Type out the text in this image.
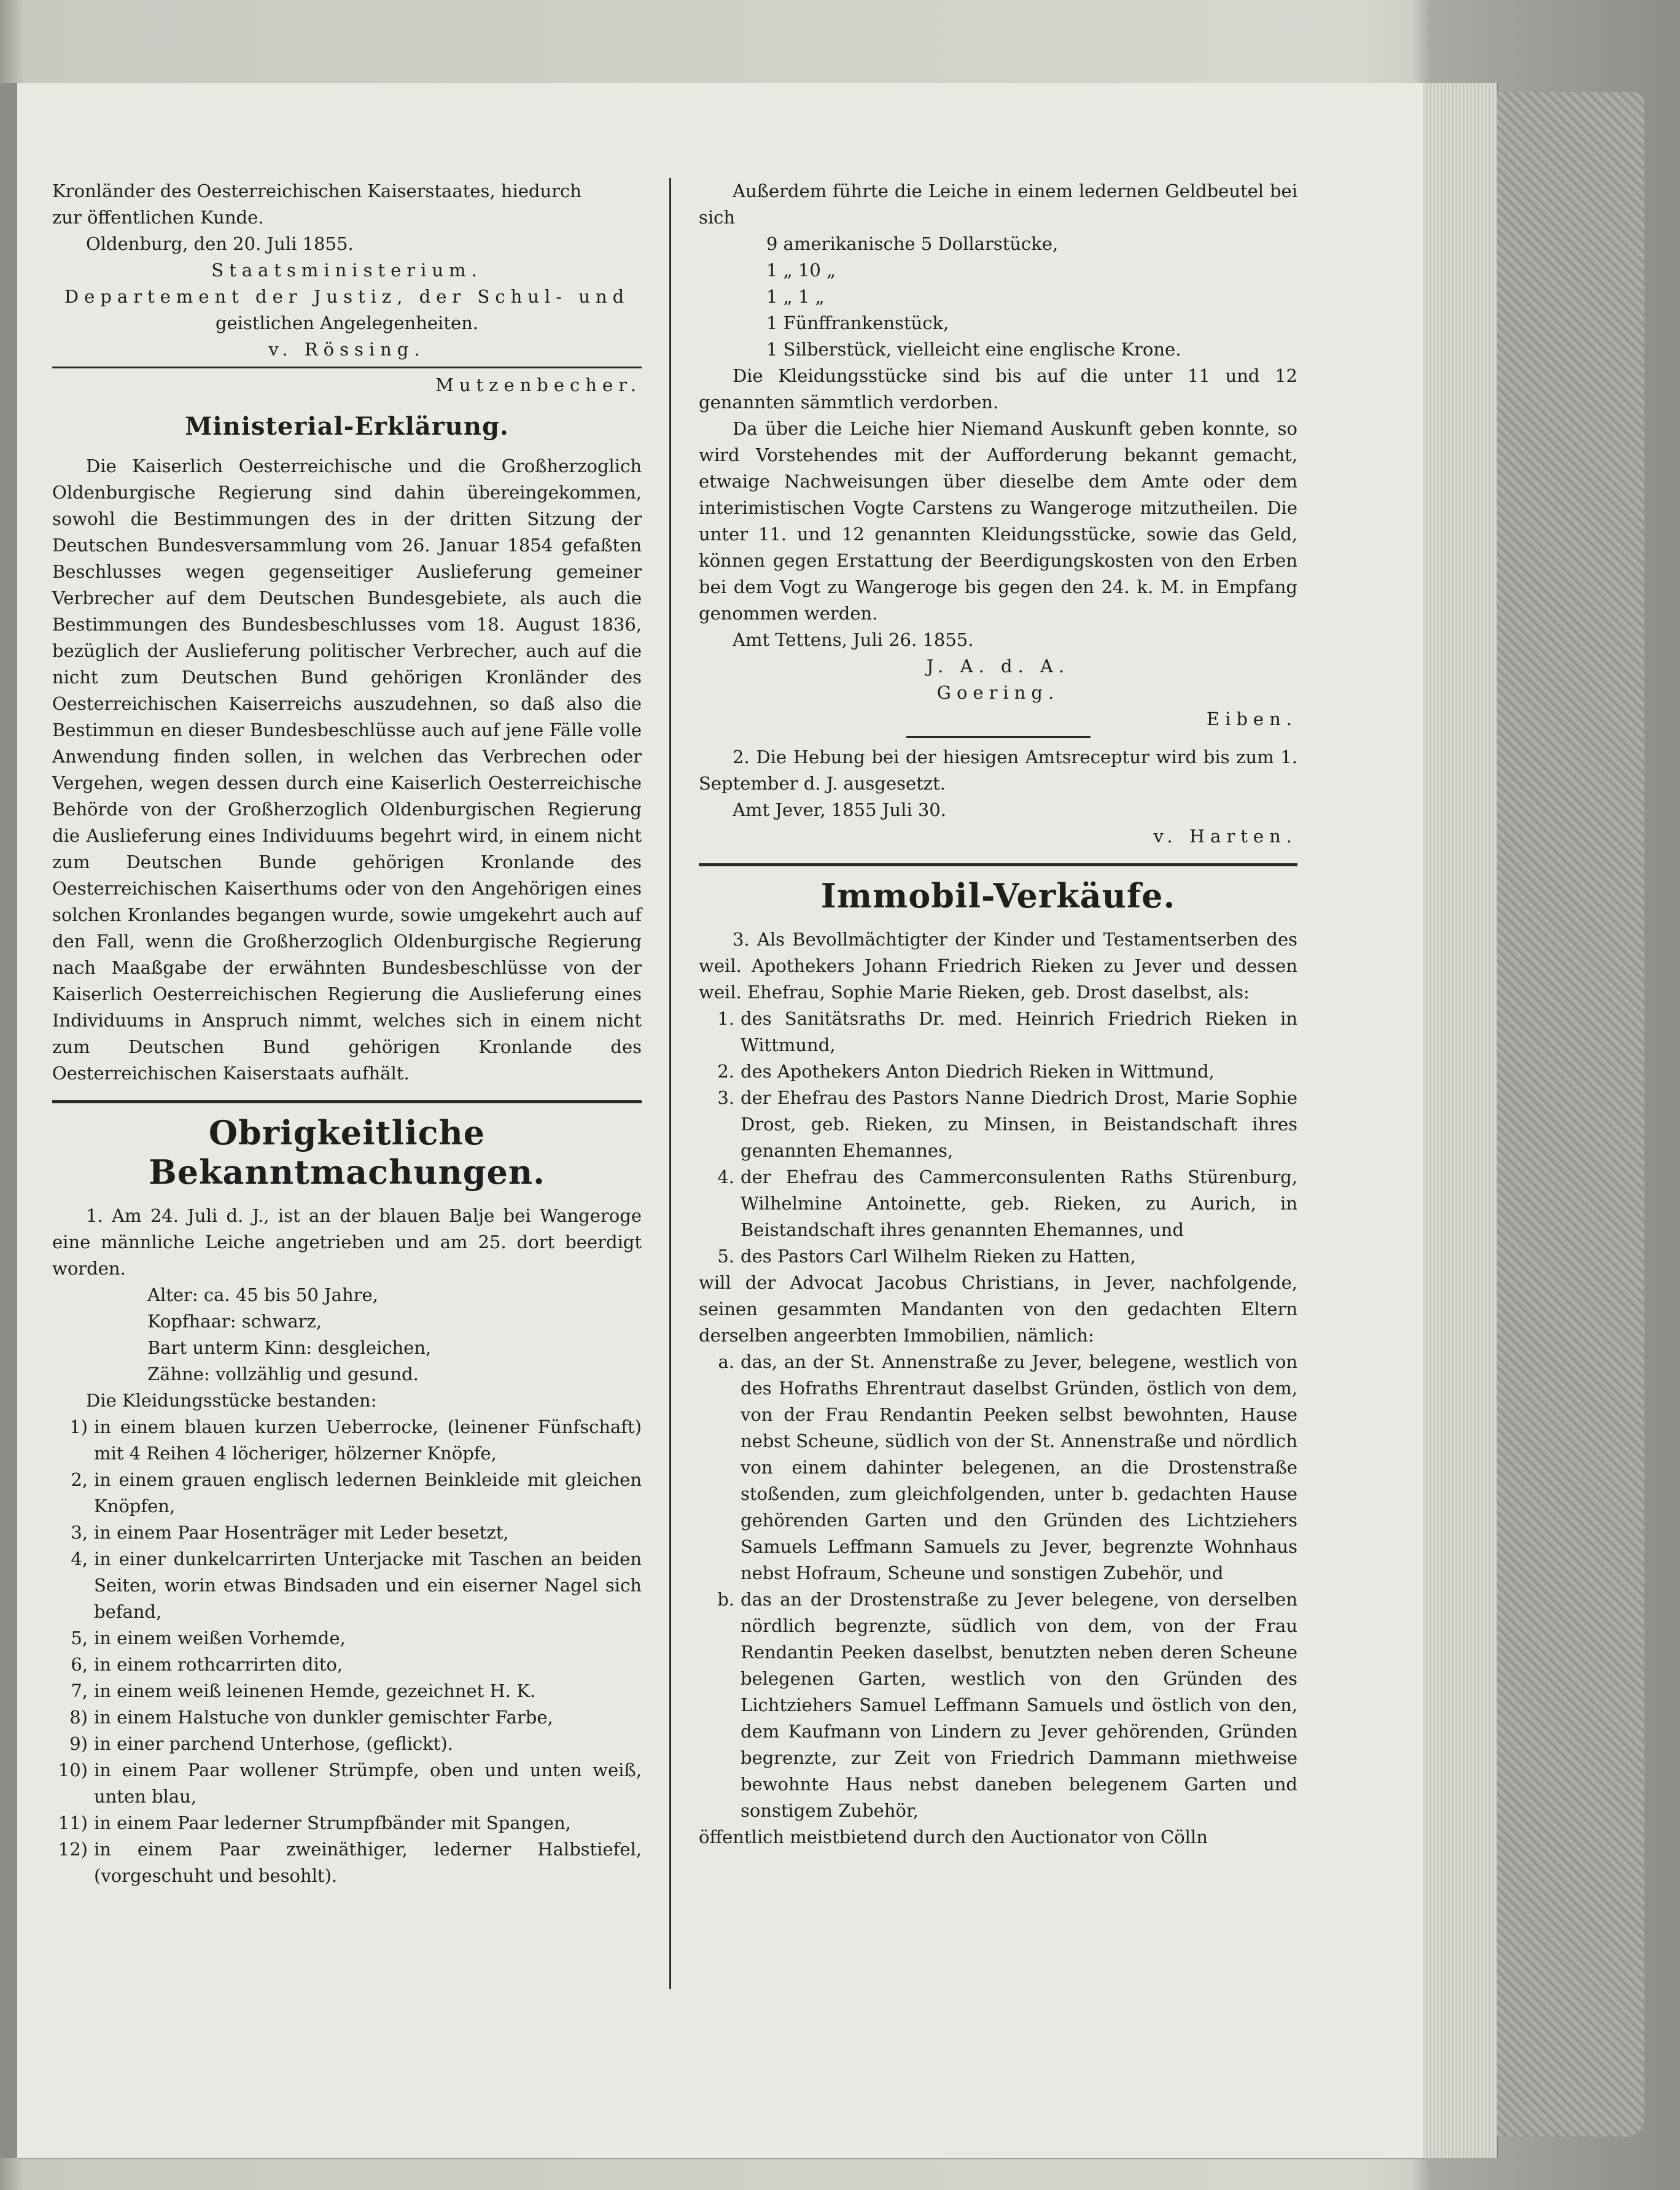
Kronländer des Oesterreichischen Kaiserstaates, hiedurch
zur öffentlichen Kunde.
Oldenburg, den 20. Juli 1855.
Staatsministerium.
Departement der Justiz, der Schul- und
geistlichen Angelegenheiten.
v. Rössing.
Mutzenbecher.
Ministerial-Erklärung.

Die Kaiserlich Oesterreichische und die Großherzoglich Oldenburgische Regierung sind dahin übereingekommen, sowohl die Bestimmungen des in der dritten Sitzung der Deutschen Bundesversammlung vom 26. Januar 1854 gefaßten Beschlusses wegen gegenseitiger Auslieferung gemeiner Verbrecher auf dem Deutschen Bundesgebiete, als auch die Bestimmungen des Bundesbeschlusses vom 18. August 1836, bezüglich der Auslieferung politischer Verbrecher, auch auf die nicht zum Deutschen Bund gehörigen Kronländer des Oesterreichischen Kaiserreichs auszudehnen, so daß also die Bestimmun en dieser Bundesbeschlüsse auch auf jene Fälle volle Anwendung finden sollen, in welchen das Verbrechen oder Vergehen, wegen dessen durch eine Kaiserlich Oesterreichische Behörde von der Großherzoglich Oldenburgischen Regierung die Auslieferung eines Individuums begehrt wird, in einem nicht zum Deutschen Bunde gehörigen Kronlande des Oesterreichischen Kaiserthums oder von den Angehörigen eines solchen Kronlandes begangen wurde, sowie umgekehrt auch auf den Fall, wenn die Großherzoglich Oldenburgische Regierung nach Maaßgabe der erwähnten Bundesbeschlüsse von der Kaiserlich Oesterreichischen Regierung die Auslieferung eines Individuums in Anspruch nimmt, welches sich in einem nicht zum Deutschen Bund gehörigen Kronlande des Oesterreichischen Kaiserstaats aufhält.

Obrigkeitliche Bekanntmachungen.

1. Am 24. Juli d. J., ist an der blauen Balje bei Wangeroge eine männliche Leiche angetrieben und am 25. dort beerdigt worden.

Alter: ca. 45 bis 50 Jahre,
Kopfhaar: schwarz,
Bart unterm Kinn: desgleichen,
Zähne: vollzählig und gesund.
Die Kleidungsstücke bestanden:
1) in einem blauen kurzen Ueberrocke, (leinener Fünfschaft) mit 4 Reihen 4 löcheriger, hölzerner Knöpfe,
2, in einem grauen englisch ledernen Beinkleide mit gleichen Knöpfen,
3, in einem Paar Hosenträger mit Leder besetzt,
4, in einer dunkelcarrirten Unterjacke mit Taschen an beiden Seiten, worin etwas Bindsaden und ein eiserner Nagel sich befand,
5, in einem weißen Vorhemde,
6, in einem rothcarrirten dito,
7, in einem weiß leinenen Hemde, gezeichnet H. K.
8) in einem Halstuche von dunkler gemischter Farbe,
9) in einer parchend Unterhose, (geflickt).
10) in einem Paar wollener Strümpfe, oben und unten weiß, unten blau,
11) in einem Paar lederner Strumpfbänder mit Spangen,
12) in einem Paar zweinäthiger, lederner Halbstiefel, (vorgeschuht und besohlt).

Außerdem führte die Leiche in einem ledernen Geldbeutel bei sich

9 amerikanische 5 Dollarstücke,
1 „ 10 „
1 „ 1 „
1 Fünffrankenstück,
1 Silberstück, vielleicht eine englische Krone.

Die Kleidungsstücke sind bis auf die unter 11 und 12 genannten sämmtlich verdorben.

Da über die Leiche hier Niemand Auskunft geben konnte, so wird Vorstehendes mit der Aufforderung bekannt gemacht, etwaige Nachweisungen über dieselbe dem Amte oder dem interimistischen Vogte Carstens zu Wangeroge mitzutheilen. Die unter 11. und 12 genannten Kleidungsstücke, sowie das Geld, können gegen Erstattung der Beerdigungskosten von den Erben bei dem Vogt zu Wangeroge bis gegen den 24. k. M. in Empfang genommen werden.

Amt Tettens, Juli 26. 1855.
J. A. d. A.
Goering.
Eiben.

2. Die Hebung bei der hiesigen Amtsreceptur wird bis zum 1. September d. J. ausgesetzt.

Amt Jever, 1855 Juli 30.
v. Harten.
Immobil-Verkäufe.

3. Als Bevollmächtigter der Kinder und Testamentserben des weil. Apothekers Johann Friedrich Rieken zu Jever und dessen weil. Ehefrau, Sophie Marie Rieken, geb. Drost daselbst, als:

1. des Sanitätsraths Dr. med. Heinrich Friedrich Rieken in Wittmund,
2. des Apothekers Anton Diedrich Rieken in Wittmund,
3. der Ehefrau des Pastors Nanne Diedrich Drost, Marie Sophie Drost, geb. Rieken, zu Minsen, in Beistandschaft ihres genannten Ehemannes,
4. der Ehefrau des Cammerconsulenten Raths Stürenburg, Wilhelmine Antoinette, geb. Rieken, zu Aurich, in Beistandschaft ihres genannten Ehemannes, und
5. des Pastors Carl Wilhelm Rieken zu Hatten,

will der Advocat Jacobus Christians, in Jever, nachfolgende, seinen gesammten Mandanten von den gedachten Eltern derselben angeerbten Immobilien, nämlich:

a. das, an der St. Annenstraße zu Jever, belegene, westlich von des Hofraths Ehrentraut daselbst Gründen, östlich von dem, von der Frau Rendantin Peeken selbst bewohnten, Hause nebst Scheune, südlich von der St. Annenstraße und nördlich von einem dahinter belegenen, an die Drostenstraße stoßenden, zum gleichfolgenden, unter b. gedachten Hause gehörenden Garten und den Gründen des Lichtziehers Samuels Leffmann Samuels zu Jever, begrenzte Wohnhaus nebst Hofraum, Scheune und sonstigen Zubehör, und
b. das an der Drostenstraße zu Jever belegene, von derselben nördlich begrenzte, südlich von dem, von der Frau Rendantin Peeken daselbst, benutzten neben deren Scheune belegenen Garten, westlich von den Gründen des Lichtziehers Samuel Leffmann Samuels und östlich von den, dem Kaufmann von Lindern zu Jever gehörenden, Gründen begrenzte, zur Zeit von Friedrich Dammann miethweise bewohnte Haus nebst daneben belegenem Garten und sonstigem Zubehör,
öffentlich meistbietend durch den Auctionator von Cölln
